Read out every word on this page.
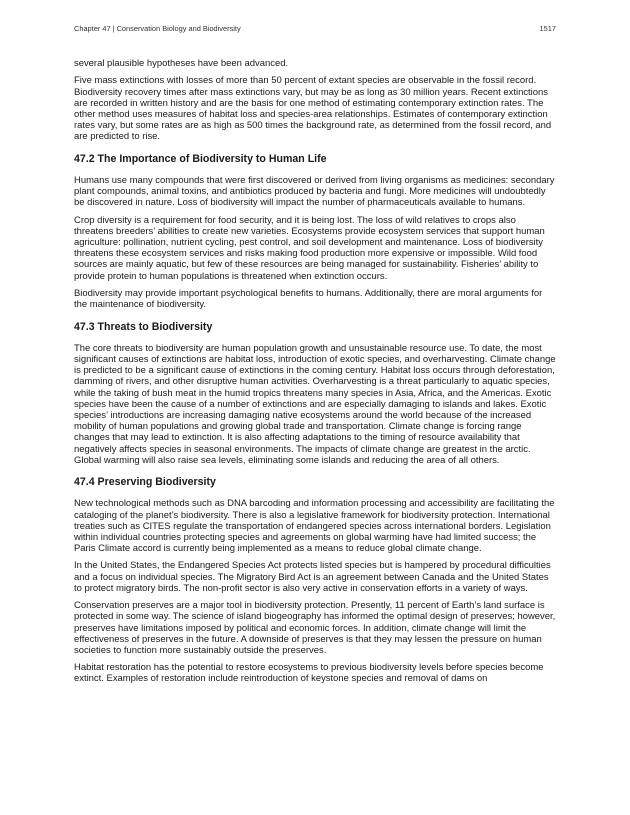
Chapter 47 | Conservation Biology and Biodiversity	1517

several plausible hypotheses have been advanced.

Five mass extinctions with losses of more than 50 percent of extant species are observable in the fossil record. Biodiversity recovery times after mass extinctions vary, but may be as long as 30 million years. Recent extinctions are recorded in written history and are the basis for one method of estimating contemporary extinction rates. The other method uses measures of habitat loss and species-area relationships. Estimates of contemporary extinction rates vary, but some rates are as high as 500 times the background rate, as determined from the fossil record, and are predicted to rise.

47.2 The Importance of Biodiversity to Human Life

Humans use many compounds that were first discovered or derived from living organisms as medicines: secondary plant compounds, animal toxins, and antibiotics produced by bacteria and fungi. More medicines will undoubtedly be discovered in nature. Loss of biodiversity will impact the number of pharmaceuticals available to humans.

Crop diversity is a requirement for food security, and it is being lost. The loss of wild relatives to crops also threatens breeders’ abilities to create new varieties. Ecosystems provide ecosystem services that support human agriculture: pollination, nutrient cycling, pest control, and soil development and maintenance. Loss of biodiversity threatens these ecosystem services and risks making food production more expensive or impossible. Wild food sources are mainly aquatic, but few of these resources are being managed for sustainability. Fisheries’ ability to provide protein to human populations is threatened when extinction occurs.

Biodiversity may provide important psychological benefits to humans. Additionally, there are moral arguments for the maintenance of biodiversity.

47.3 Threats to Biodiversity

The core threats to biodiversity are human population growth and unsustainable resource use. To date, the most significant causes of extinctions are habitat loss, introduction of exotic species, and overharvesting. Climate change is predicted to be a significant cause of extinctions in the coming century. Habitat loss occurs through deforestation, damming of rivers, and other disruptive human activities. Overharvesting is a threat particularly to aquatic species, while the taking of bush meat in the humid tropics threatens many species in Asia, Africa, and the Americas. Exotic species have been the cause of a number of extinctions and are especially damaging to islands and lakes. Exotic species’ introductions are increasing damaging native ecosystems around the world because of the increased mobility of human populations and growing global trade and transportation. Climate change is forcing range changes that may lead to extinction. It is also affecting adaptations to the timing of resource availability that negatively affects species in seasonal environments. The impacts of climate change are greatest in the arctic. Global warming will also raise sea levels, eliminating some islands and reducing the area of all others.

47.4 Preserving Biodiversity

New technological methods such as DNA barcoding and information processing and accessibility are facilitating the cataloging of the planet’s biodiversity. There is also a legislative framework for biodiversity protection. International treaties such as CITES regulate the transportation of endangered species across international borders. Legislation within individual countries protecting species and agreements on global warming have had limited success; the Paris Climate accord is currently being implemented as a means to reduce global climate change.

In the United States, the Endangered Species Act protects listed species but is hampered by procedural difficulties and a focus on individual species. The Migratory Bird Act is an agreement between Canada and the United States to protect migratory birds. The non-profit sector is also very active in conservation efforts in a variety of ways.

Conservation preserves are a major tool in biodiversity protection. Presently, 11 percent of Earth’s land surface is protected in some way. The science of island biogeography has informed the optimal design of preserves; however, preserves have limitations imposed by political and economic forces. In addition, climate change will limit the effectiveness of preserves in the future. A downside of preserves is that they may lessen the pressure on human societies to function more sustainably outside the preserves.

Habitat restoration has the potential to restore ecosystems to previous biodiversity levels before species become extinct. Examples of restoration include reintroduction of keystone species and removal of dams on
